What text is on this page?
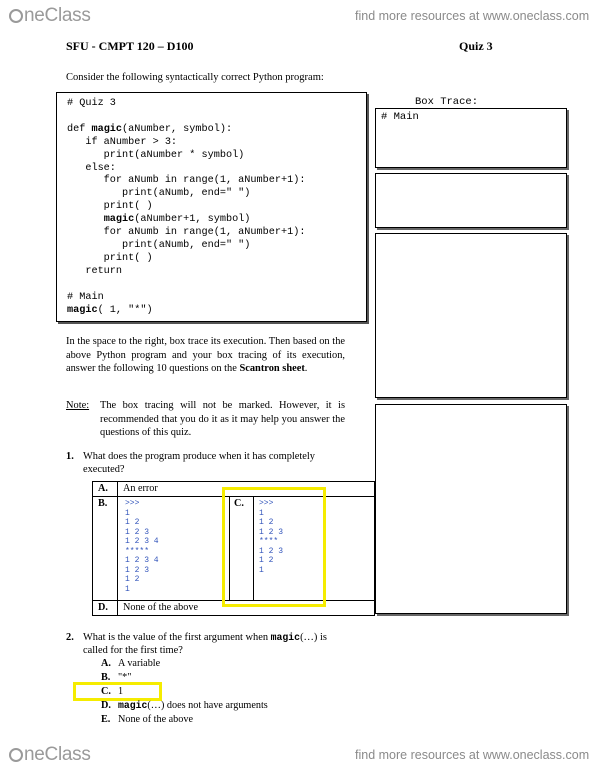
neClass	find more resources at www.oneclass.com
SFU - CMPT 120 – D100	Quiz 3
Consider the following syntactically correct Python program:
# Quiz 3

def magic(aNumber, symbol):
if aNumber > 3:
print(aNumber * symbol)
else:
for aNumb in range(1, aNumber+1):
print(aNumb, end=" ")
print( )
magic(aNumber+1, symbol)
for aNumb in range(1, aNumber+1):
print(aNumb, end=" ")
print( )
return

# Main
magic( 1, "*")
Box Trace:
# Main
In the space to the right, box trace its execution. Then based on the above Python program and your box tracing of its execution, answer the following 10 questions on the Scantron sheet.
Note: The box tracing will not be marked. However, it is recommended that you do it as it may help you answer the questions of this quiz.
1. What does the program produce when it has completely executed?
A. An error
B. >>>
1
1 2
1 2 3
1 2 3 4
*****
1 2 3 4
1 2 3
1 2
1
C. >>>
1
1 2
1 2 3
****
1 2 3
1 2
1
D. None of the above
2. What is the value of the first argument when magic(…) is called for the first time?
A. A variable
B. "*"
C. 1
D. magic(…) does not have arguments
E. None of the above
neClass	find more resources at www.oneclass.com
